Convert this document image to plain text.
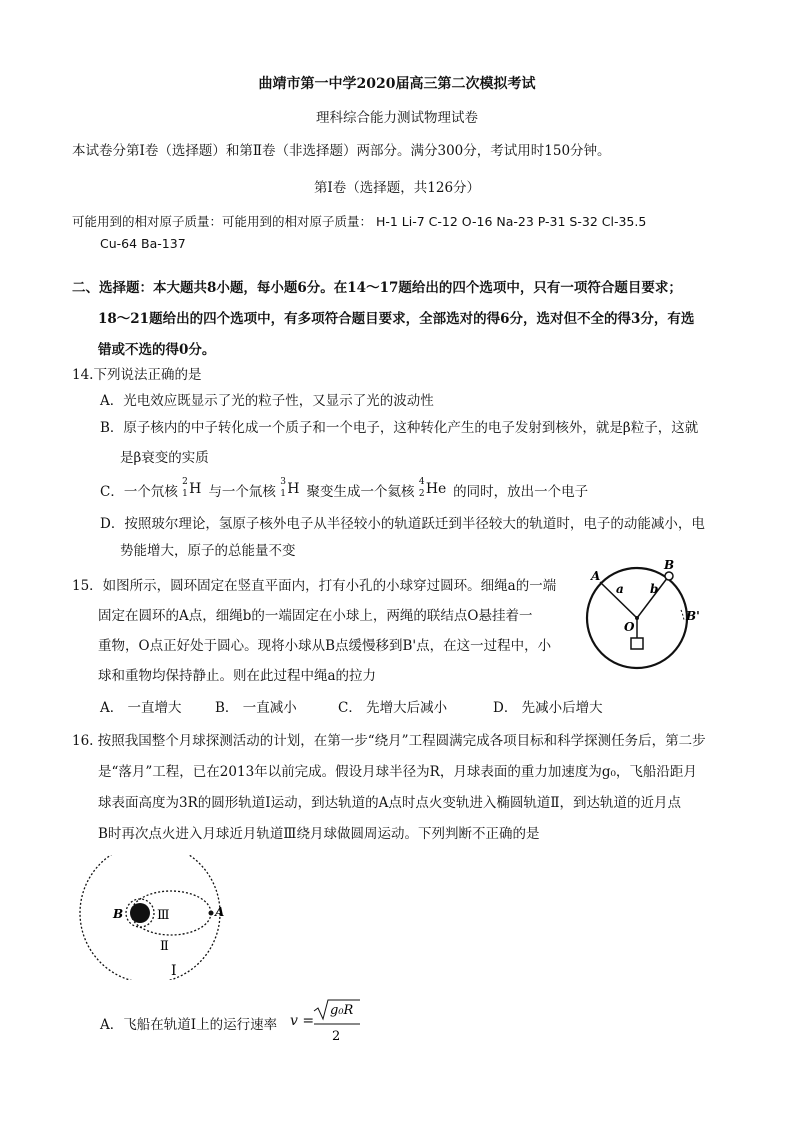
曲靖市第一中学2020届高三第二次模拟考试
理科综合能力测试物理试卷
本试卷分第Ⅰ卷（选择题）和第Ⅱ卷（非选择题）两部分。满分300分，考试用时150分钟。
第Ⅰ卷（选择题，共126分）
可能用到的相对原子质量：可能用到的相对原子质量： H-1 Li-7 C-12 O-16 Na-23 P-31 S-32 Cl-35.5
Cu-64 Ba-137
二、选择题：本大题共8小题，每小题6分。在14～17题给出的四个选项中，只有一项符合题目要求；
18～21题给出的四个选项中，有多项符合题目要求，全部选对的得6分，选对但不全的得3分，有选
错或不选的得0分。
14.下列说法正确的是
A．光电效应既显示了光的粒子性，又显示了光的波动性
B．原子核内的中子转化成一个质子和一个电子，这种转化产生的电子发射到核外，就是β粒子，这就
是β衰变的实质
C．一个氘核
2
1 H 与一个氚核
3
1 H 聚变生成一个氦核
4
2 He 的同时，放出一个电子
D．按照玻尔理论，氢原子核外电子从半径较小的轨道跃迁到半径较大的轨道时，电子的动能减小，电
势能增大，原子的总能量不变
15．如图所示，圆环固定在竖直平面内，打有小孔的小球穿过圆环。细绳a的一端
固定在圆环的A点，细绳b的一端固定在小球上，两绳的联结点O悬挂着一
重物，O点正好处于圆心。现将小球从B点缓慢移到B'点，在这一过程中，小
球和重物均保持静止。则在此过程中绳a的拉力
A． 一直增大 B． 一直减小	C． 先增大后减小	D． 先减小后增大
A
a b
B
B'
O
16. 按照我国整个月球探测活动的计划，在第一步“绕月”工程圆满完成各项目标和科学探测任务后，第二步
是“落月”工程，已在2013年以前完成。假设月球半径为R，月球表面的重力加速度为g₀，飞船沿距月
球表面高度为3R的圆形轨道Ⅰ运动，到达轨道的A点时点火变轨进入椭圆轨道Ⅱ，到达轨道的近月点
B时再次点火进入月球近月轨道Ⅲ绕月球做圆周运动。下列判断不正确的是
B	Ⅲ	A
Ⅱ
Ⅰ
A．飞船在轨道Ⅰ上的运行速率 v =
g₀R
2
